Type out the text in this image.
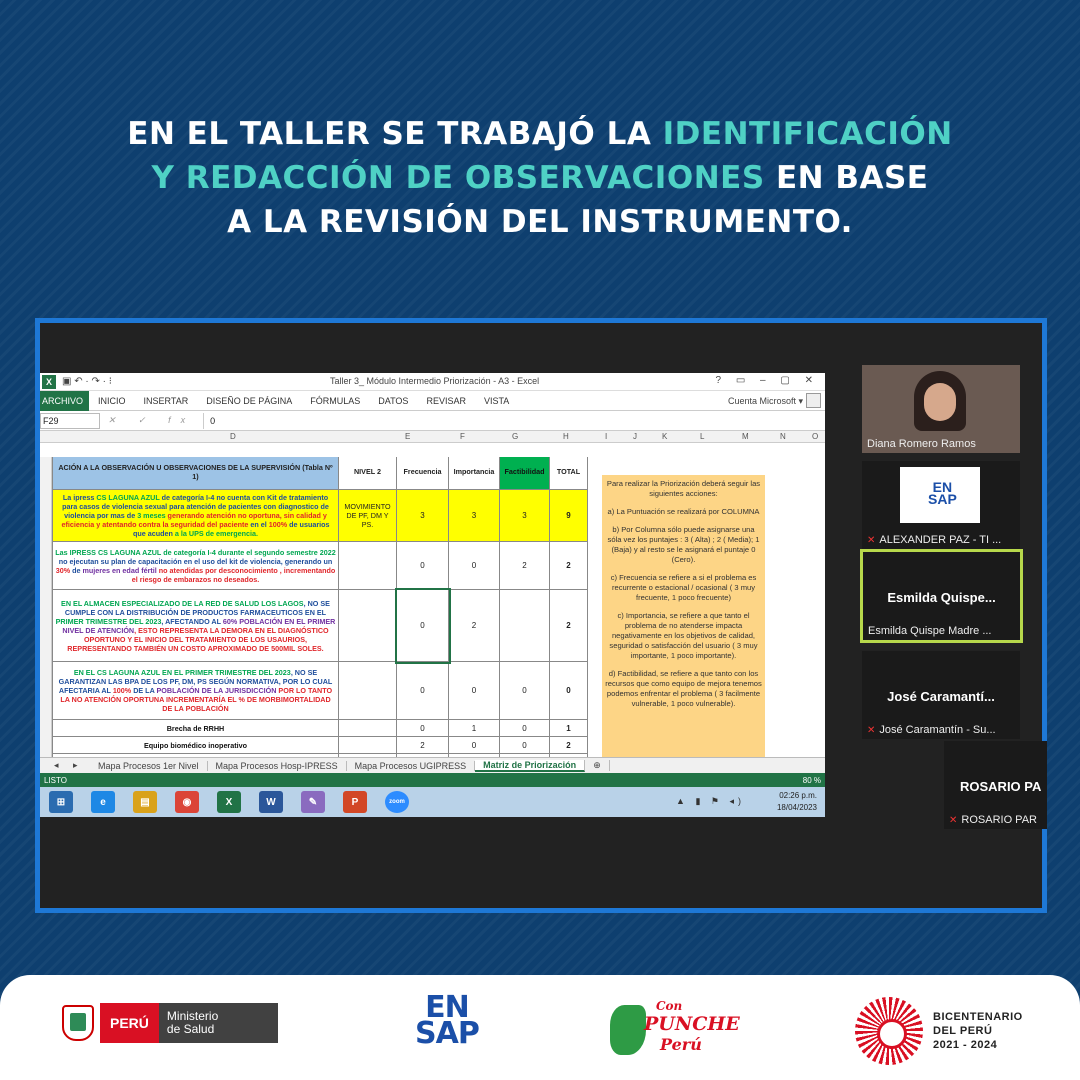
EN EL TALLER SE TRABAJÓ LA IDENTIFICACIÓN
Y REDACCIÓN DE OBSERVACIONES EN BASE
A LA REVISIÓN DEL INSTRUMENTO.
X	▣ ↶ · ↷ · ⁝	Taller 3_ Módulo Intermedio Priorización - A3 - Excel	? ▭ – ▢ ✕
ARCHIVO	INICIO	INSERTAR	DISEÑO DE PÁGINA	FÓRMULAS	DATOS	REVISAR	VISTA	Cuenta Microsoft ▾
F29	✕ ✓ fx	0
D	E	F	G	H	I	J	K	L	M	N	O
ACIÓN A LA OBSERVACIÓN U OBSERVACIONES DE LA SUPERVISIÓN (Tabla Nº 1)	NIVEL 2	Frecuencia	Importancia	Factibilidad	TOTAL
La ipress CS LAGUNA AZUL de categoría I-4 no cuenta con Kit de tratamiento para casos de violencia sexual para atención de pacientes con diagnostico de violencia por mas de 3 meses generando atención no oportuna, sin calidad y eficiencia y atentando contra la seguridad del paciente en el 100% de usuarios que acuden a la UPS de emergencia.	MOVIMIENTO DE PF, DM Y PS.	3	3	3	9
Las IPRESS CS LAGUNA AZUL de categoría I-4 durante el segundo semestre 2022 no ejecutan su plan de capacitación en el uso del kit de violencia, generando un 30% de mujeres en edad fértil no atendidas por desconocimiento , incrementando el riesgo de embarazos no deseados.		0	0	2	2
EN EL ALMACEN ESPECIALIZADO DE LA RED DE SALUD LOS LAGOS, NO SE CUMPLE CON LA DISTRIBUCIÓN DE PRODUCTOS FARMACEUTICOS EN EL PRIMER TRIMESTRE DEL 2023, AFECTANDO AL 60% POBLACIÓN EN EL PRIMER NIVEL DE ATENCIÓN, ESTO REPRESENTA LA DEMORA EN EL DIAGNÓSTICO OPORTUNO Y EL INICIO DEL TRATAMIENTO DE LOS USAURIOS, REPRESENTANDO TAMBIÉN UN COSTO APROXIMADO DE 500MIL SOLES.		0	2		2
EN EL CS LAGUNA AZUL EN EL PRIMER TRIMESTRE DEL 2023, NO SE GARANTIZAN LAS BPA DE LOS PF, DM, PS SEGÚN NORMATIVA, POR LO CUAL AFECTARIA AL 100% DE LA POBLACIÓN DE LA JURISDICCIÓN POR LO TANTO LA NO ATENCIÓN OPORTUNA INCREMENTARÍA EL % DE MORBIMORTALIDAD DE LA POBLACIÓN		0	0	0	0
Brecha de RRHH		0	1	0	1
Equipo biomédico inoperativo		2	0	0	2

Para realizar la Priorización deberá seguir las siguientes acciones:

a) La Puntuación se realizará por COLUMNA

b) Por Columna sólo puede asignarse una sóla vez los puntajes : 3 ( Alta) ; 2 ( Media); 1 (Baja) y al resto se le asignará el puntaje 0 (Cero).

c) Frecuencia se refiere a si el problema es recurrente o estacional / ocasional ( 3 muy frecuente, 1 poco frecuente)

c) Importancia, se refiere a que tanto el problema de no atenderse impacta negativamente en los objetivos de calidad, seguridad o satisfacción del usuario ( 3 muy importante, 1 poco importante).

d) Factibilidad, se refiere a que tanto con los recursos que como equipo de mejora tenemos podemos enfrentar el problema ( 3 facilmente vulnerable, 1 poco vulnerable).

◂ ▸	Mapa Procesos 1er Nivel	Mapa Procesos Hosp-IPRESS	Mapa Procesos UGIPRESS	Matriz de Priorización	⊕
LISTO	80 %
⊞	e	▤	◉	X	W	✎	P	zoom	▲ ▮ ⚑ ◂)
02:26 p.m.
18/04/2023
Diana Romero Ramos
EN
SAP
✕ ALEXANDER PAZ - TI ...
Esmilda Quispe...
Esmilda Quispe Madre ...
José Caramantí...
✕ José Caramantín - Su...
ROSARIO PA
✕ ROSARIO PAR
PERÚ	Ministerio
de Salud
EN
SAP
Con
PUNCHE
Perú
BICENTENARIO
DEL PERÚ
2021 - 2024
